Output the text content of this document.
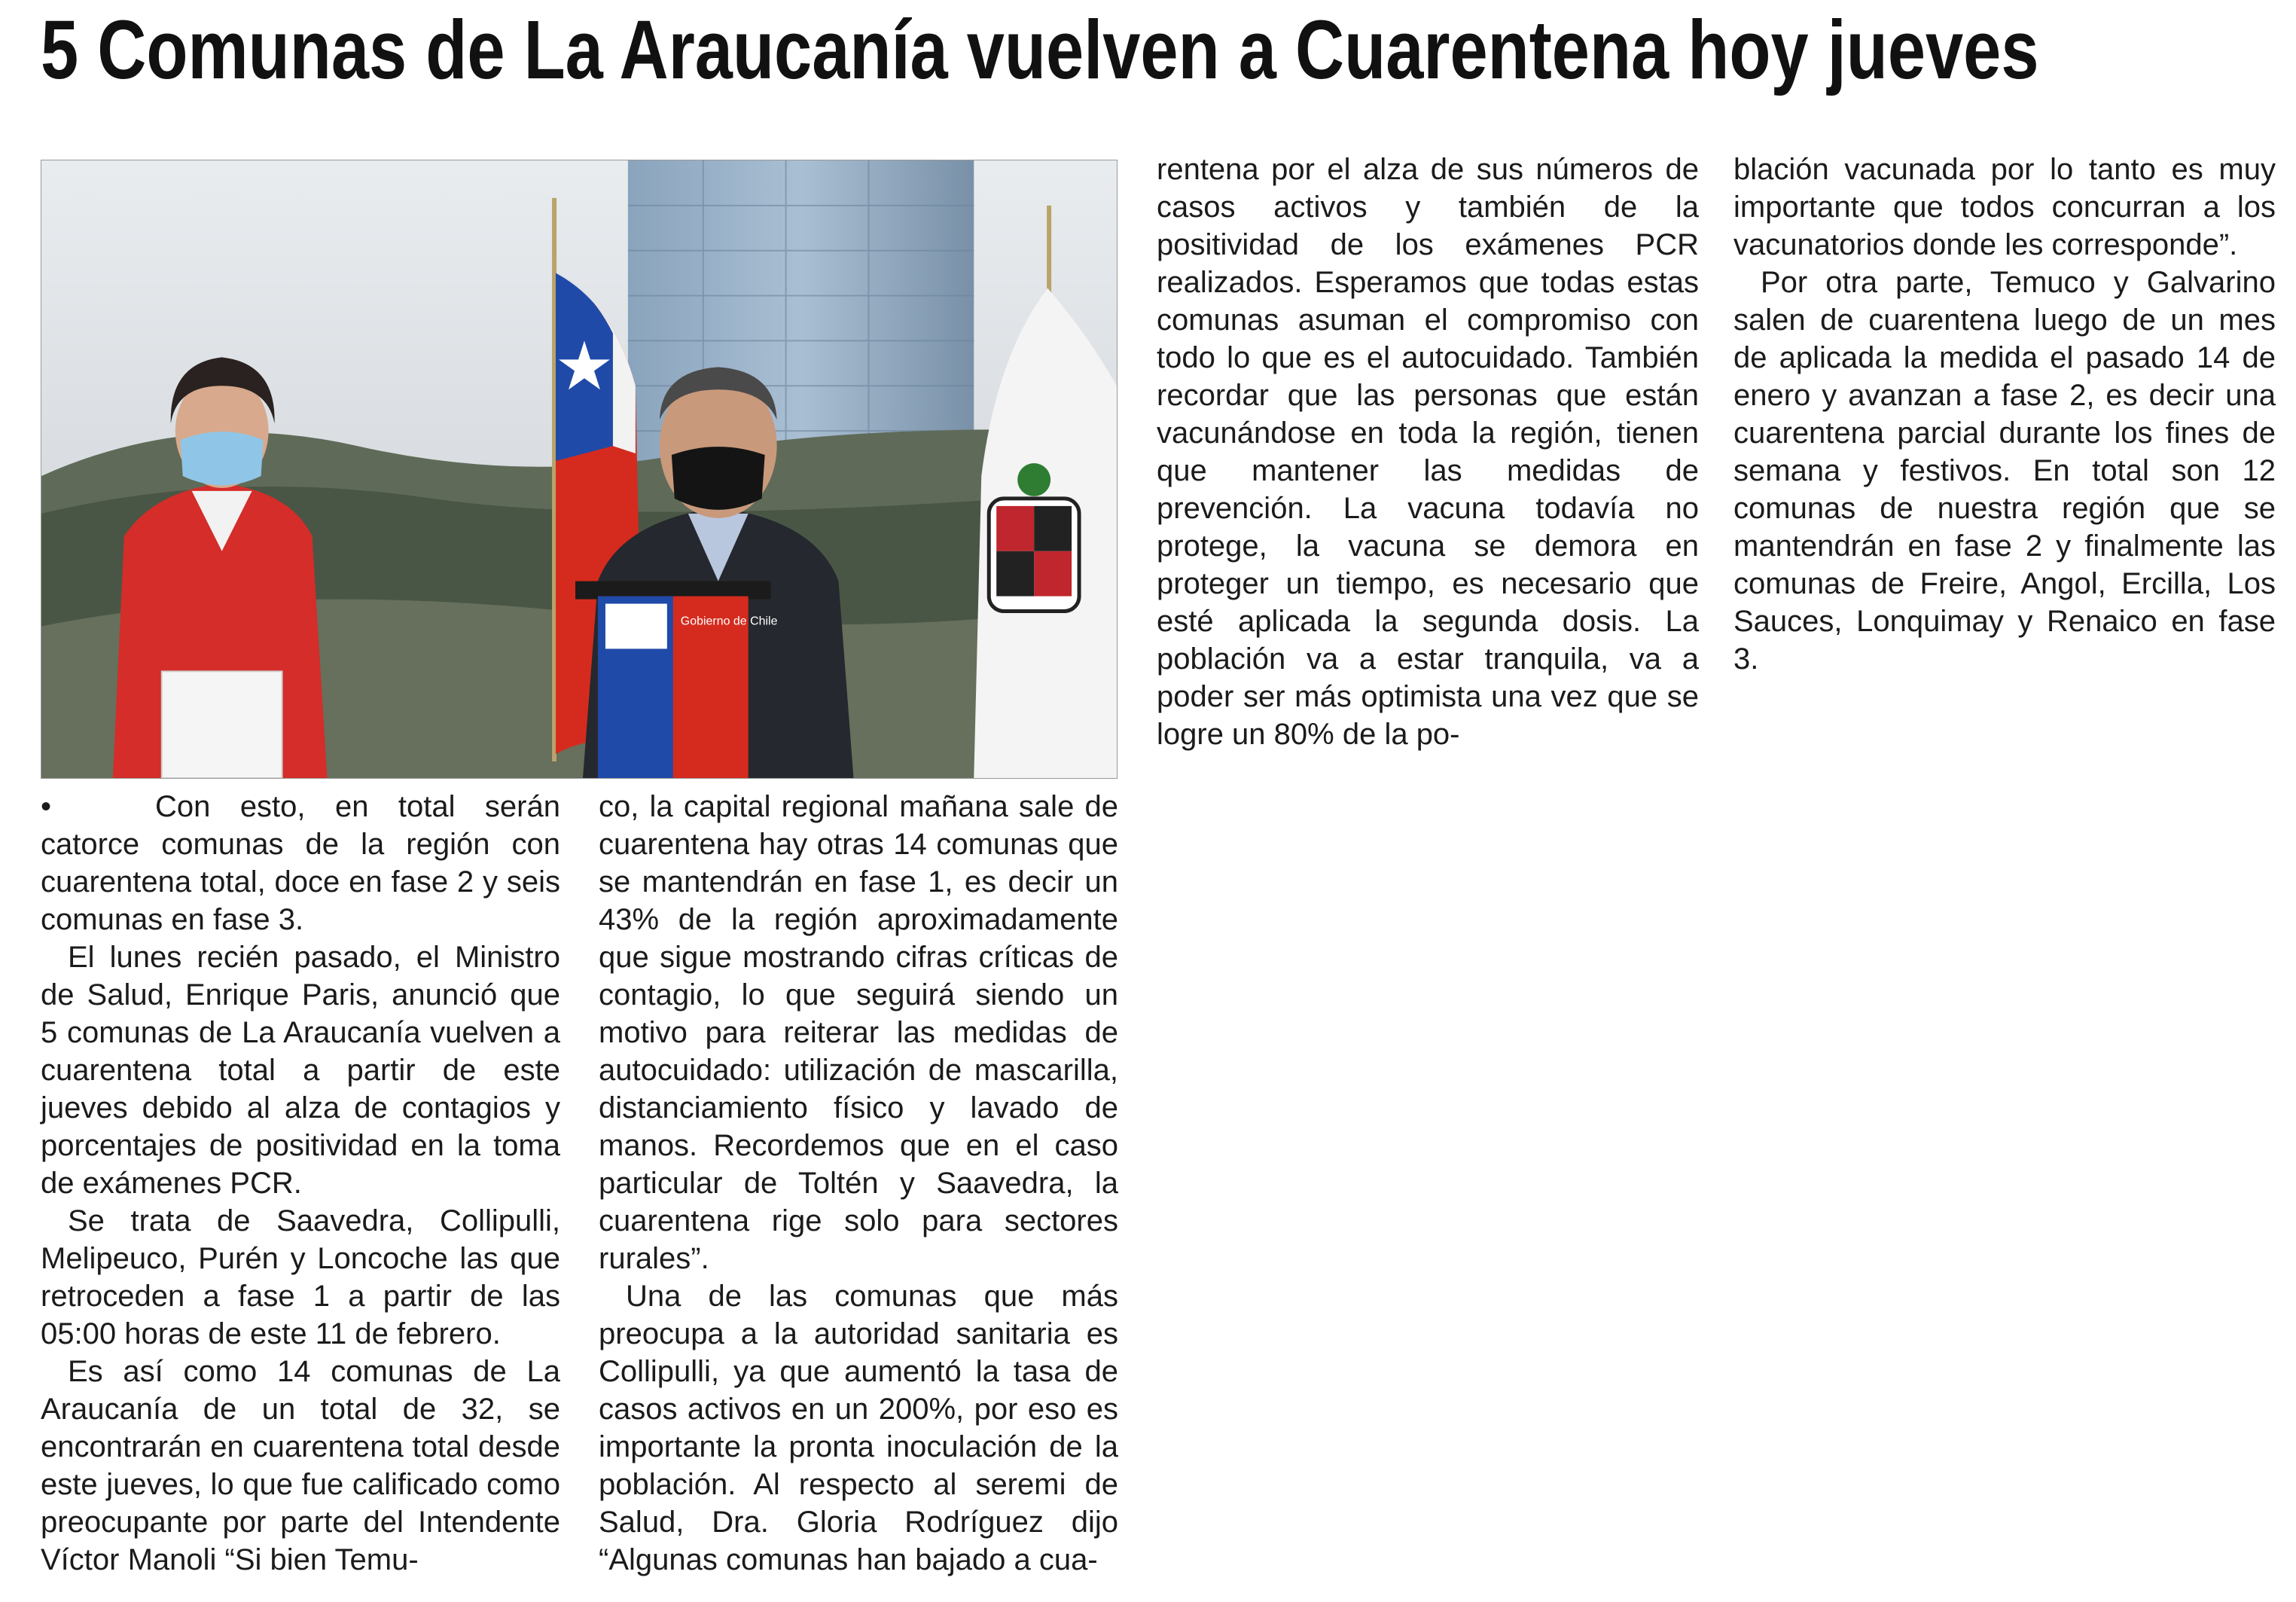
5 Comunas de La Araucanía vuelven a Cuarentena hoy jueves
Gobierno de Chile

•	Con esto, en total serán catorce comunas de la región con cuarentena total, doce en fase 2 y seis comunas en fase 3.

El lunes recién pasado, el Ministro de Salud, Enrique Paris, anunció que 5 comunas de La Araucanía vuelven a cuarentena total a partir de este jueves debido al alza de contagios y porcentajes de positividad en la toma de exámenes PCR.

Se trata de Saavedra, Collipulli, Melipeuco, Purén y Loncoche las que retroceden a fase 1 a partir de las 05:00 horas de este 11 de febrero.

Es así como 14 comunas de La Araucanía de un total de 32, se encontrarán en cuarentena total desde este jueves, lo que fue calificado como preocupante por parte del Intendente Víctor Manoli “Si bien Temu-

co, la capital regional mañana sale de cuarentena hay otras 14 comunas que se mantendrán en fase 1, es decir un 43% de la región aproximadamente que sigue mostrando cifras críticas de contagio, lo que seguirá siendo un motivo para reiterar las medidas de autocuidado: utilización de mascarilla, distanciamiento físico y lavado de manos. Recordemos que en el caso particular de Toltén y Saavedra, la cuarentena rige solo para sectores rurales”.

Una de las comunas que más preocupa a la autoridad sanitaria es Collipulli, ya que aumentó la tasa de casos activos en un 200%, por eso es importante la pronta inoculación de la población. Al respecto al seremi de Salud, Dra. Gloria Rodríguez dijo “Algunas comunas han bajado a cua-

rentena por el alza de sus números de casos activos y también de la positividad de los exámenes PCR realizados. Esperamos que todas estas comunas asuman el compromiso con todo lo que es el autocuidado. También recordar que las personas que están vacunándose en toda la región, tienen que mantener las medidas de prevención. La vacuna todavía no protege, la vacuna se demora en proteger un tiempo, es necesario que esté aplicada la segunda dosis. La población va a estar tranquila, va a poder ser más optimista una vez que se logre un 80% de la po-

blación vacunada por lo tanto es muy importante que todos concurran a los vacunatorios donde les corresponde”.

Por otra parte, Temuco y Galvarino salen de cuarentena luego de un mes de aplicada la medida el pasado 14 de enero y avanzan a fase 2, es decir una cuarentena parcial durante los fines de semana y festivos. En total son 12 comunas de nuestra región que se mantendrán en fase 2 y finalmente las comunas de Freire, Angol, Ercilla, Los Sauces, Lonquimay y Renaico en fase 3.
